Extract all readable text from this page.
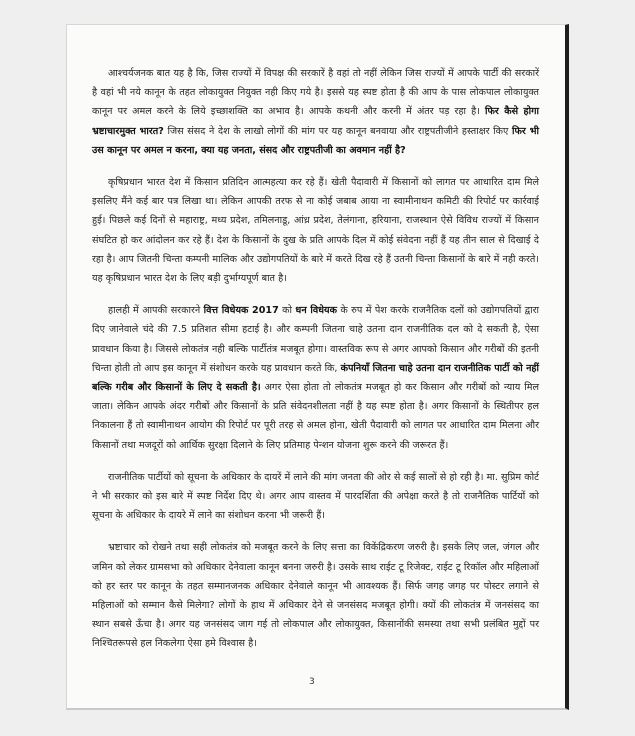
आश्चर्यजनक बात यह है कि, जिस राज्यों में विपक्ष की सरकारें है वहां तो नहीं लेकिन जिस राज्यों में आपके पार्टी की सरकारें है वहां भी नये कानून के तहत लोकायुक्त नियुक्त नही किए गये है। इससे यह स्पष्ट होता है की आप के पास लोकपाल लोकायुक्त कानून पर अमल करने के लिये इच्छाशक्ति का अभाव है। आपके कथनी और करनी में अंतर पड़ रहा है। फिर कैसे होगा भ्रष्टाचारमुक्त भारत? जिस संसद ने देश के लाखो लोगों की मांग पर यह कानून बनवाया और राष्ट्रपतीजीने हस्ताक्षर किए फिर भी उस कानून पर अमल न करना, क्या यह जनता, संसद और राष्ट्रपतीजी का अवमान नहीं है?

कृषिप्रधान भारत देश में किसान प्रतिदिन आत्महत्या कर रहे हैं। खेती पैदावारी में किसानों को लागत पर आधारित दाम मिले इसलिए मैंने कई बार पत्र लिखा था। लेकिन आपकी तरफ से ना कोई जबाब आया ना स्वामीनाथन कमिटी की रिपोर्ट पर कार्रवाई हुई। पिछले कई दिनों से महाराष्ट्र, मध्य प्रदेश, तमिलनाडू, आंध्र प्रदेश, तेलंगाना, हरियाना, राजस्थान ऐसे विविध राज्यों में किसान संघटित हो कर आंदोलन कर रहे हैं। देश के किसानों के दुख के प्रति आपके दिल में कोई संवेदना नहीं हैं यह तीन साल से दिखाई दे रहा है। आप जितनी चिन्ता कम्पनी मालिक और उद्योगपतियों के बारे में करते दिख रहे हैं उतनी चिन्ता किसानों के बारे में नही करते। यह कृषिप्रधान भारत देश के लिए बड़ी दुर्भाग्यपूर्ण बात है।

हालही में आपकी सरकारने वित्त विधेयक 2017 को धन विधेयक के रुप में पेश करके राजनैतिक दलों को उद्योगपतियों द्वारा दिए जानेवाले चंदे की 7.5 प्रतिशत सीमा हटाई है। और कम्पनी जितना चाहे उतना दान राजनीतिक दल को दे सकती है, ऐसा प्रावधान किया है। जिससे लोकतंत्र नही बल्कि पार्टीतंत्र मजबूत होगा। वास्तविक रूप से अगर आपको किसान और गरीबों की इतनी चिन्ता होती तो आप इस कानून में संशोधन करके यह प्रावधान करते कि, कंपनियाँ जितना चाहे उतना दान राजनीतिक पार्टी को नहीं बल्कि गरीब और किसानों के लिए दे सकती है। अगर ऐसा होता तो लोकतंत्र मजबूत हो कर किसान और गरीबों को न्याय मिल जाता। लेकिन आपके अंदर गरीबों और किसानों के प्रति संवेदनशीलता नहीं है यह स्पष्ट होता है। अगर किसानों के स्थितीपर हल निकालना हैं तो स्वामीनाथन आयोग की रिपोर्ट पर पूरी तरह से अमल होना, खेती पैदावारी को लागत पर आधारित दाम मिलना और किसानों तथा मजदूरों को आर्थिक सुरक्षा दिलाने के लिए प्रतिमाह पेन्शन योजना शुरू करने की जरूरत हैं।

राजनीतिक पार्टीयों को सूचना के अधिकार के दायरें में लाने की मांग जनता की ओर से कई सालों से हो रही है। मा. सुप्रिम कोर्ट ने भी सरकार को इस बारे में स्पष्ट निर्देश दिए थे। अगर आप वास्तव में पारदर्शिता की अपेक्षा करते है तो राजनैतिक पार्टियों को सूचना के अधिकार के दायरे में लाने का संशोधन करना भी जरूरी हैं।

भ्रष्टाचार को रोखने तथा सही लोकतंत्र को मजबूत करने के लिए सत्ता का विकेंद्रिकरण जरुरी है। इसके लिए जल, जंगल और जमिन को लेकर ग्रामसभा को अधिकार देनेवाला कानून बनना जरुरी है। उसके साथ राईट टू रिजेक्ट, राईट टू रिकॉल और महिलाओं को हर स्तर पर कानून के तहत सम्मानजनक अधिकार देनेवाले कानून भी आवश्यक हैं। सिर्फ जगह जगह पर पोस्टर लगाने से महिलाओं को सम्मान कैसे मिलेगा? लोगों के हाथ में अधिकार देने से जनसंसद मजबूत होगी। क्यों की लोकतंत्र में जनसंसद का स्थान सबसे ऊँचा है। अगर यह जनसंसद जाग गई तो लोकपाल और लोकायुक्त, किसानोंकी समस्या तथा सभी प्रलंबित मुद्दों पर निश्चितरूपसे हल निकलेगा ऐसा हमे विश्वास है।

3
